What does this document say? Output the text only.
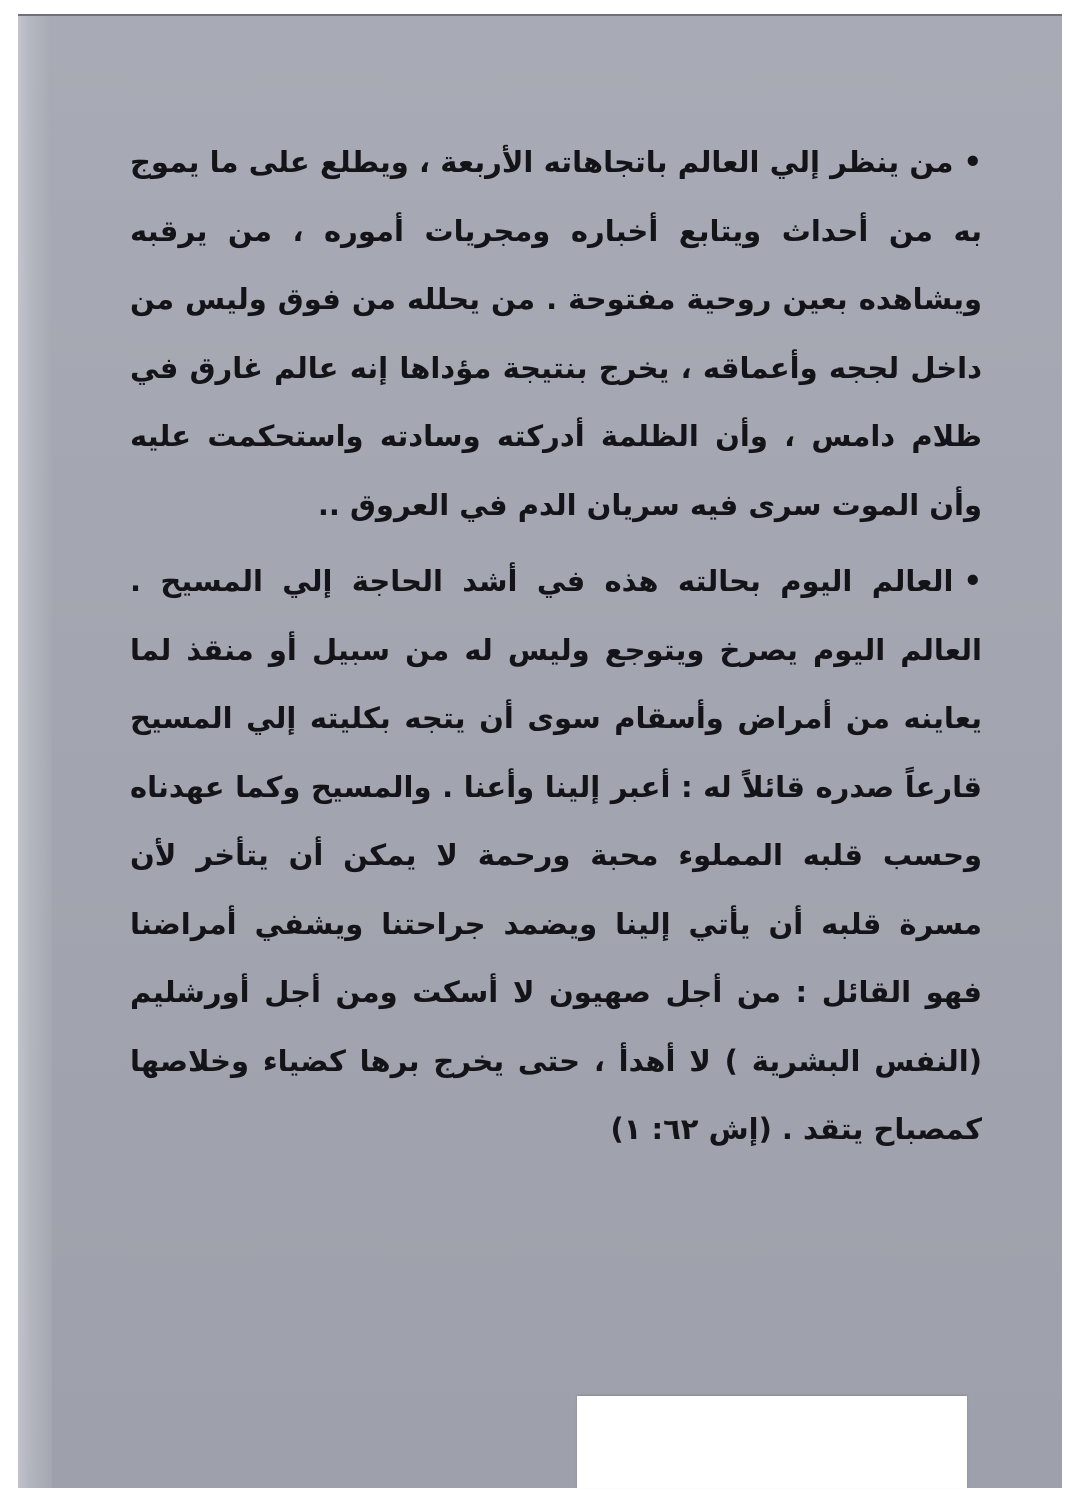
•من ينظر إلي العالم باتجاهاته الأربعة ، ويطلع على ما يموج به من أحداث ويتابع أخباره ومجريات أموره ، من يرقبه ويشاهده بعين روحية مفتوحة . من يحلله من فوق وليس من داخل لججه وأعماقه ، يخرج بنتيجة مؤداها إنه عالم غارق في ظلام دامس ، وأن الظلمة أدركته وسادته واستحكمت عليه وأن الموت سرى فيه سريان الدم في العروق ..

•العالم اليوم بحالته هذه في أشد الحاجة إلي المسيح . العالم اليوم يصرخ ويتوجع وليس له من سبيل أو منقذ لما يعاينه من أمراض وأسقام سوى أن يتجه بكليته إلي المسيح قارعاً صدره قائلاً له : أعبر إلينا وأعنا . والمسيح وكما عهدناه وحسب قلبه المملوء محبة ورحمة لا يمكن أن يتأخر لأن مسرة قلبه أن يأتي إلينا ويضمد جراحتنا ويشفي أمراضنا فهو القائل : من أجل صهيون لا أسكت ومن أجل أورشليم (النفس البشرية ) لا أهدأ ، حتى يخرج برها كضياء وخلاصها كمصباح يتقد . (إش ٦٢: ١)
